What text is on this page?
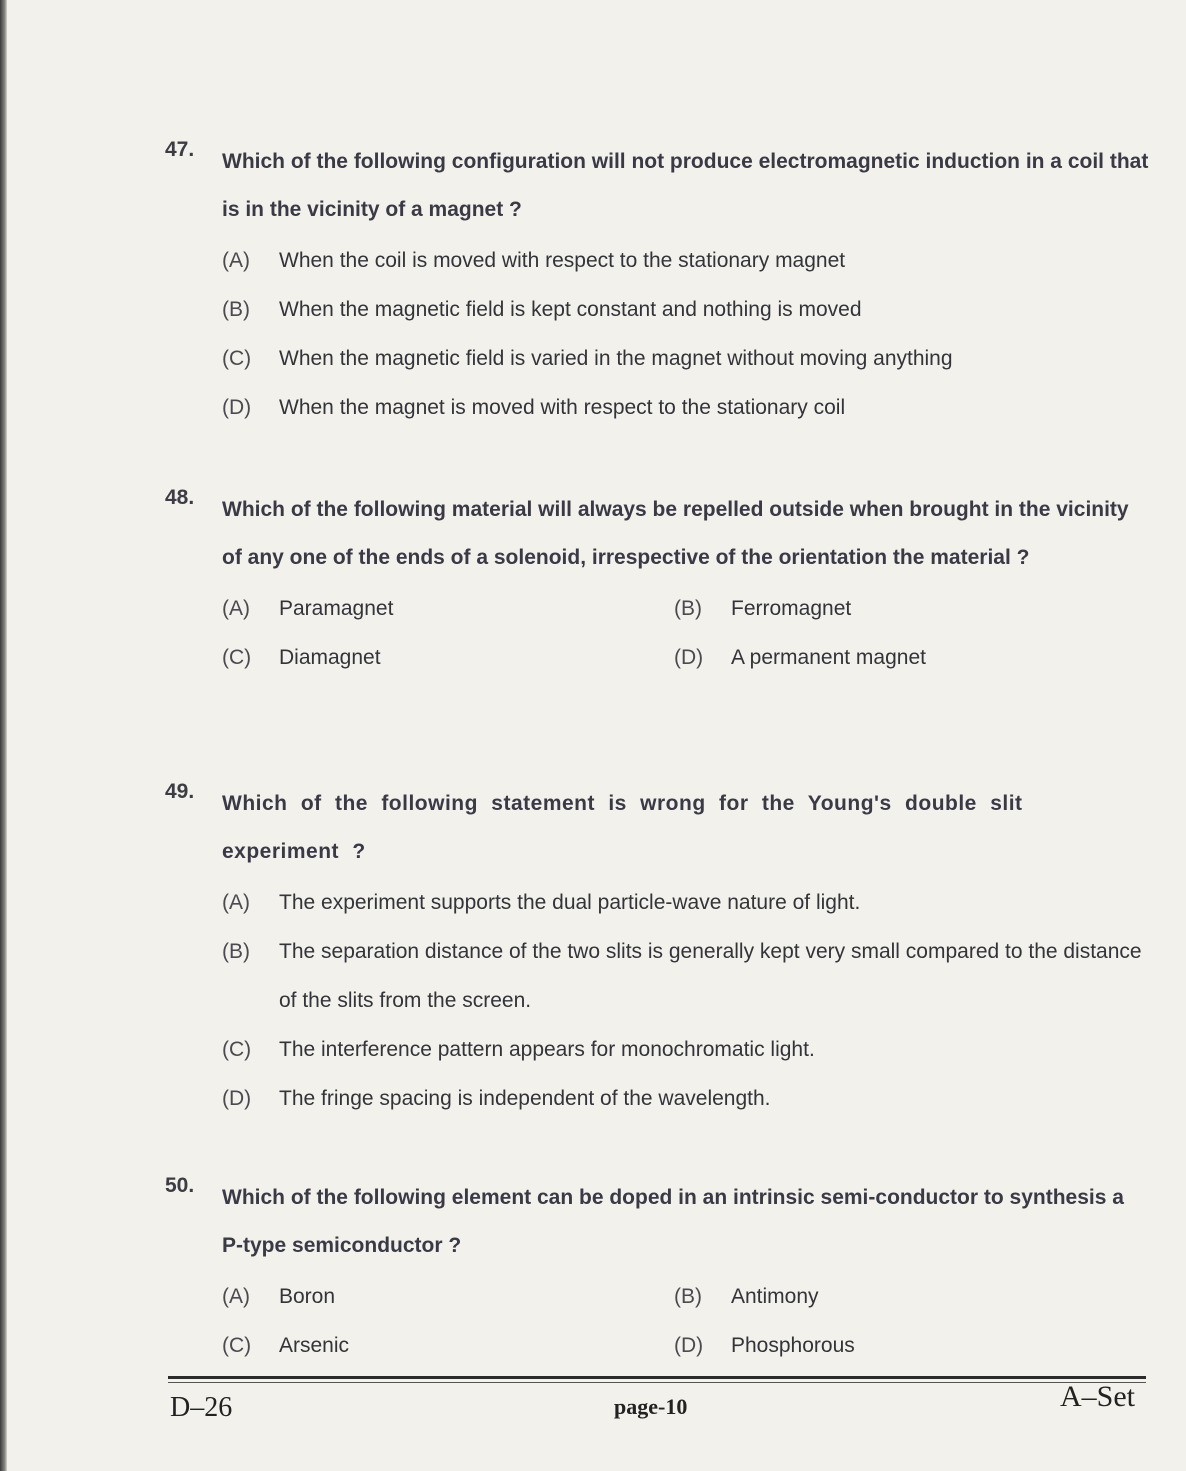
47.
Which of the following configuration will not produce electromagnetic induction in a coil that is in the vicinity of a magnet ?
(A) When the coil is moved with respect to the stationary magnet
(B) When the magnetic field is kept constant and nothing is moved
(C) When the magnetic field is varied in the magnet without moving anything
(D) When the magnet is moved with respect to the stationary coil
48.
Which of the following material will always be repelled outside when brought in the vicinity of any one of the ends of a solenoid, irrespective of the orientation the material ?
(A) Paramagnet	(B) Ferromagnet
(C) Diamagnet	(D) A permanent magnet
49.
Which of the following statement is wrong for the Young's double slit experiment ?
(A) The experiment supports the dual particle-wave nature of light.
(B) The separation distance of the two slits is generally kept very small compared to the distance of the slits from the screen.
(C) The interference pattern appears for monochromatic light.
(D) The fringe spacing is independent of the wavelength.
50.
Which of the following element can be doped in an intrinsic semi-conductor to synthesis a P-type semiconductor ?
(A) Boron	(B) Antimony
(C) Arsenic	(D) Phosphorous
D–26	page-10	A–Set
